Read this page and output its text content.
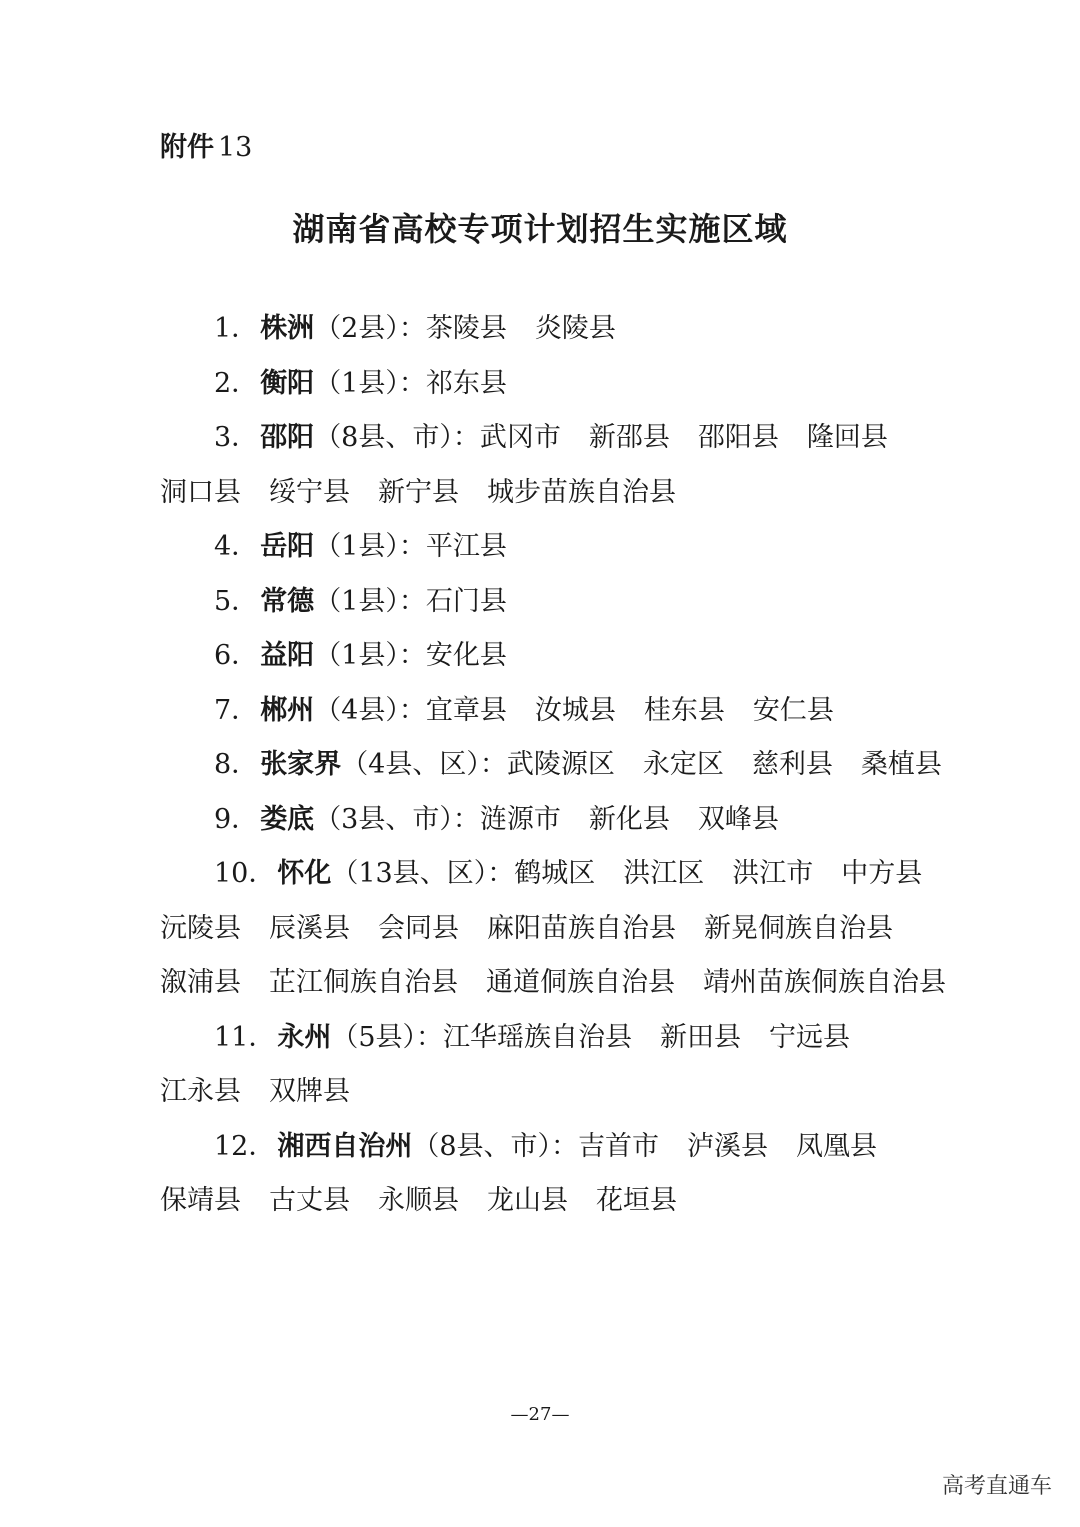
附件 13
湖南省高校专项计划招生实施区域
1．株洲（2县）：茶陵县 炎陵县
2．衡阳（1县）：祁东县
3．邵阳（8县、市）：武冈市 新邵县 邵阳县 隆回县
洞口县 绥宁县 新宁县 城步苗族自治县
4．岳阳（1县）：平江县
5．常德（1县）：石门县
6．益阳（1县）：安化县
7．郴州（4县）：宜章县 汝城县 桂东县 安仁县
8．张家界（4县、区）：武陵源区 永定区 慈利县 桑植县
9．娄底（3县、市）：涟源市 新化县 双峰县
10．怀化（13县、区）：鹤城区 洪江区 洪江市 中方县
沅陵县 辰溪县 会同县 麻阳苗族自治县 新晃侗族自治县
溆浦县 芷江侗族自治县 通道侗族自治县 靖州苗族侗族自治县
11．永州（5县）：江华瑶族自治县 新田县 宁远县
江永县 双牌县
12．湘西自治州（8县、市）：吉首市 泸溪县 凤凰县
保靖县 古丈县 永顺县 龙山县 花垣县
—27—
高考直通车
